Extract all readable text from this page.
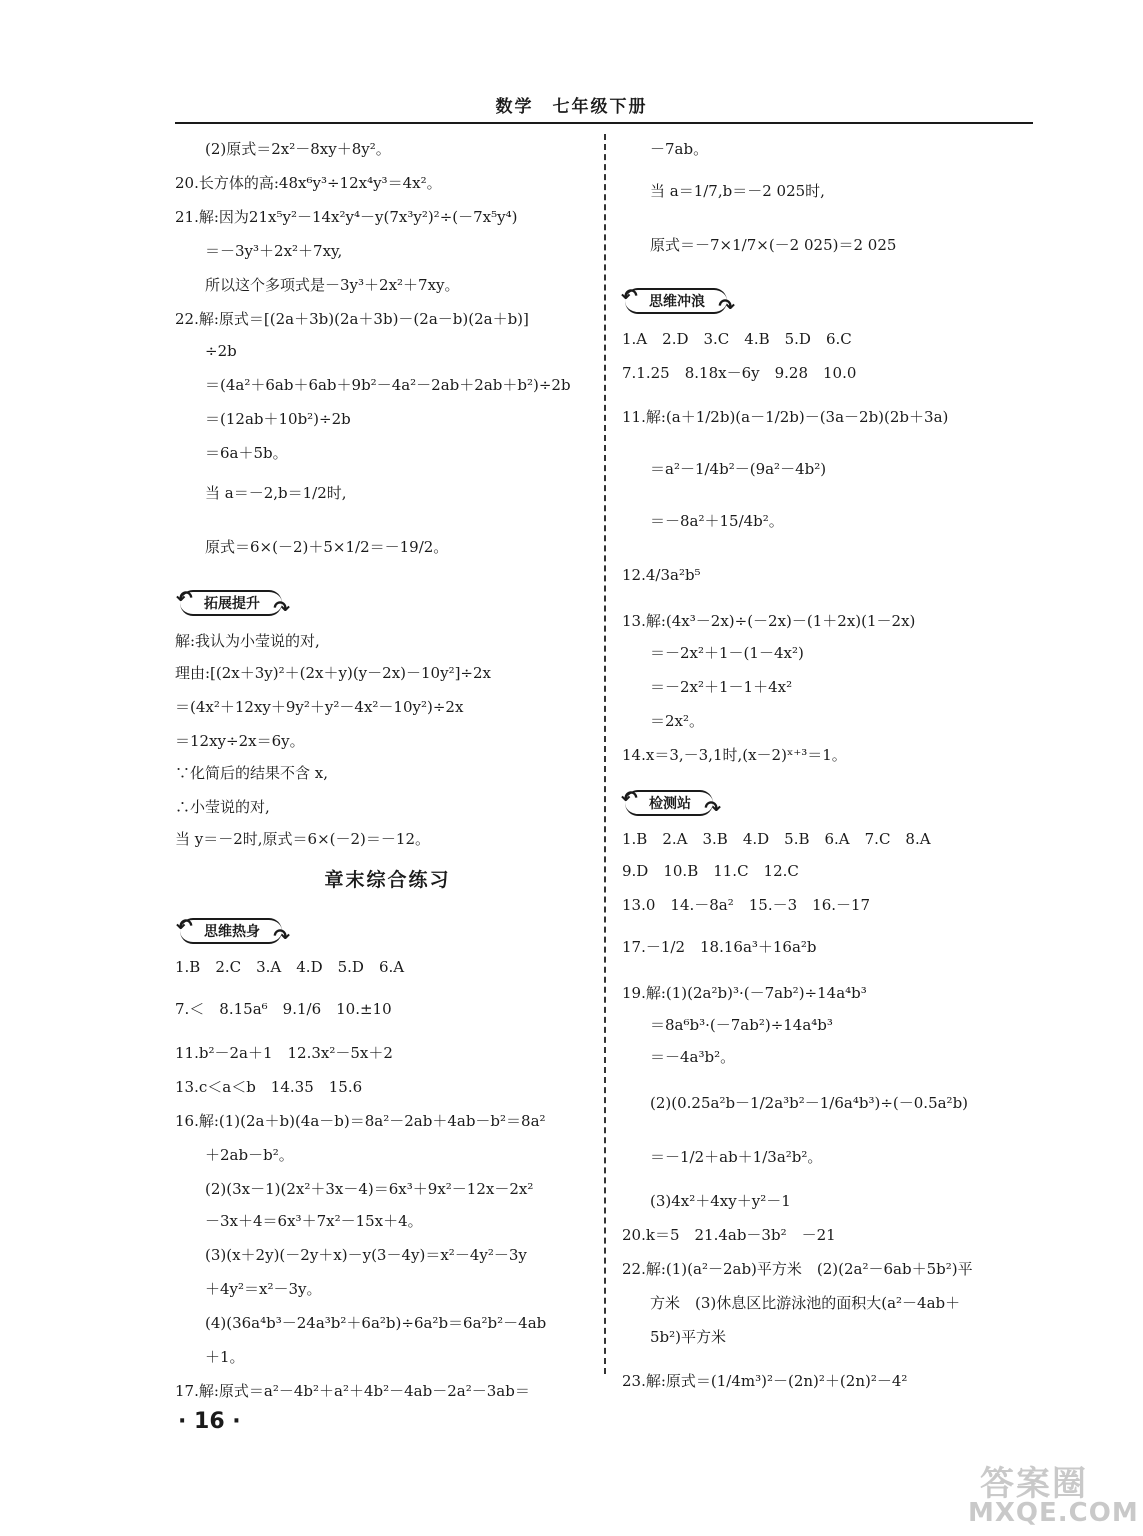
数学　七年级下册
(2)原式＝2x²－8xy＋8y²。
20.长方体的高:48x⁶y³÷12x⁴y³＝4x²。
21.解:因为21x⁵y²－14x²y⁴－y(7x³y²)²÷(－7x⁵y⁴)
＝－3y³＋2x²＋7xy,
所以这个多项式是－3y³＋2x²＋7xy。
22.解:原式＝[(2a＋3b)(2a＋3b)－(2a－b)(2a＋b)]
÷2b
＝(4a²＋6ab＋6ab＋9b²－4a²－2ab＋2ab＋b²)÷2b
＝(12ab＋10b²)÷2b
＝6a＋5b。
当 a＝－2,b＝1/2时,
原式＝6×(－2)＋5×1/2＝－19/2。
↶ 拓展提升 ↷
解:我认为小莹说的对,
理由:[(2x＋3y)²＋(2x＋y)(y－2x)－10y²]÷2x
＝(4x²＋12xy＋9y²＋y²－4x²－10y²)÷2x
＝12xy÷2x＝6y。
∵化简后的结果不含 x,
∴小莹说的对,
当 y＝－2时,原式＝6×(－2)＝－12。
章末综合练习
↶ 思维热身 ↷
1.B　2.C　3.A　4.D　5.D　6.A
7.＜　8.15a⁶　9.1/6　10.±10
11.b²－2a＋1　12.3x²－5x＋2
13.c＜a＜b　14.35　15.6
16.解:(1)(2a＋b)(4a－b)＝8a²－2ab＋4ab－b²＝8a²
＋2ab－b²。
(2)(3x－1)(2x²＋3x－4)＝6x³＋9x²－12x－2x²
－3x＋4＝6x³＋7x²－15x＋4。
(3)(x＋2y)(－2y＋x)－y(3－4y)＝x²－4y²－3y
＋4y²＝x²－3y。
(4)(36a⁴b³－24a³b²＋6a²b)÷6a²b＝6a²b²－4ab
＋1。
17.解:原式＝a²－4b²＋a²＋4b²－4ab－2a²－3ab＝
· 16 ·
－7ab。
当 a＝1/7,b＝－2 025时,
原式＝－7×1/7×(－2 025)＝2 025
↶ 思维冲浪 ↷
1.A　2.D　3.C　4.B　5.D　6.C
7.1.25　8.18x－6y　9.28　10.0
11.解:(a＋1/2b)(a－1/2b)－(3a－2b)(2b＋3a)
＝a²－1/4b²－(9a²－4b²)
＝－8a²＋15/4b²。
12.4/3a²b⁵
13.解:(4x³－2x)÷(－2x)－(1＋2x)(1－2x)
＝－2x²＋1－(1－4x²)
＝－2x²＋1－1＋4x²
＝2x²。
14.x＝3,－3,1时,(x－2)ˣ⁺³＝1。
↶ 检测站 ↷
1.B　2.A　3.B　4.D　5.B　6.A　7.C　8.A
9.D　10.B　11.C　12.C
13.0　14.－8a²　15.－3　16.－17
17.－1/2　18.16a³＋16a²b
19.解:(1)(2a²b)³·(－7ab²)÷14a⁴b³
＝8a⁶b³·(－7ab²)÷14a⁴b³
＝－4a³b²。
(2)(0.25a²b－1/2a³b²－1/6a⁴b³)÷(－0.5a²b)
＝－1/2＋ab＋1/3a²b²。
(3)4x²＋4xy＋y²－1
20.k＝5　21.4ab－3b²　－21
22.解:(1)(a²－2ab)平方米　(2)(2a²－6ab＋5b²)平
方米　(3)休息区比游泳池的面积大(a²－4ab＋
5b²)平方米
23.解:原式＝(1/4m³)²－(2n)²＋(2n)²－4²
答案圈
MXQE.COM
